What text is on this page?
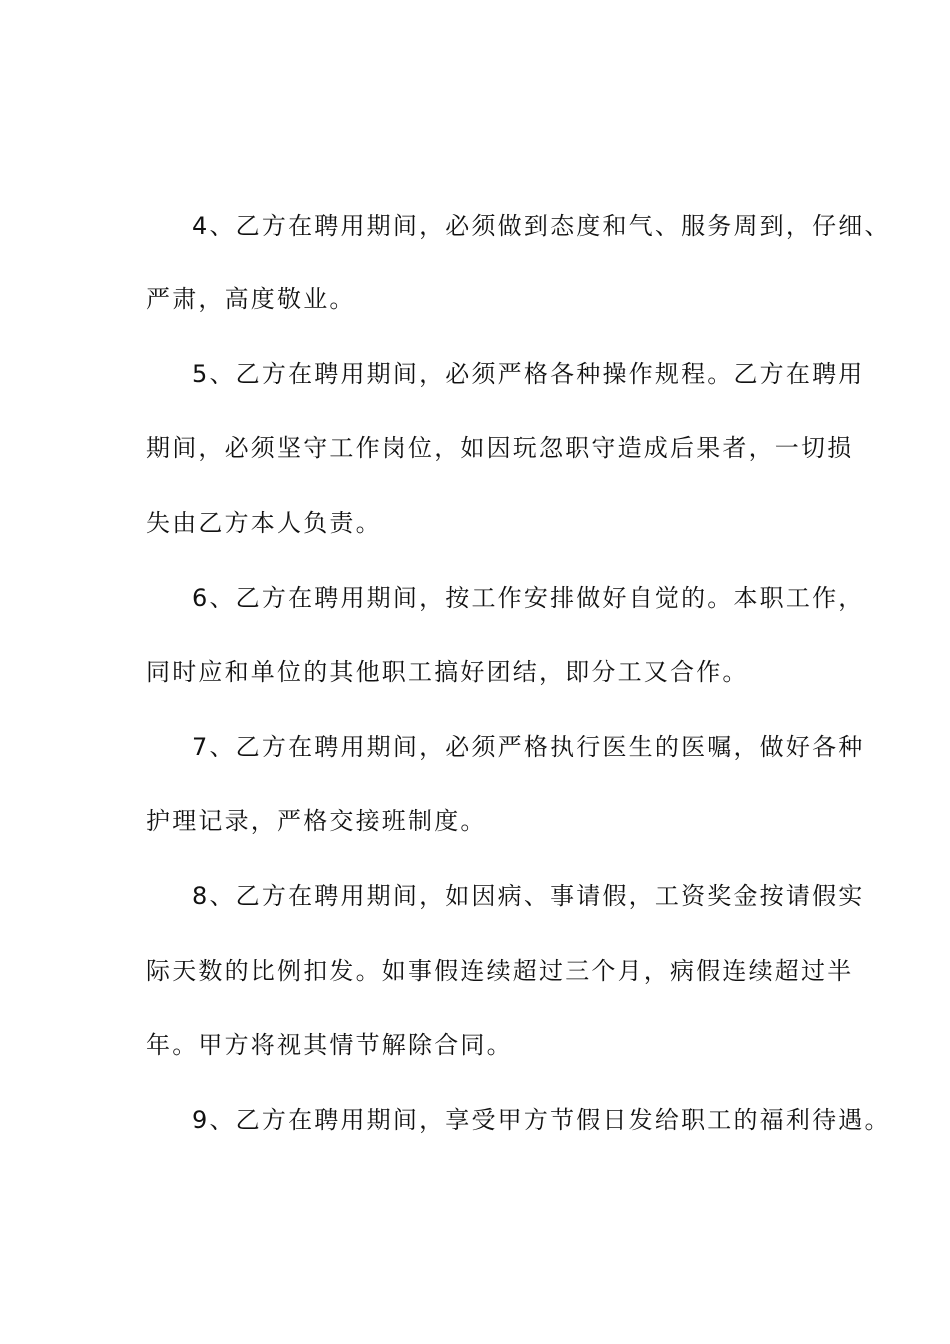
4、乙方在聘用期间，必须做到态度和气、服务周到，仔细、
严肃，高度敬业。
5、乙方在聘用期间，必须严格各种操作规程。乙方在聘用
期间，必须坚守工作岗位，如因玩忽职守造成后果者，一切损
失由乙方本人负责。
6、乙方在聘用期间，按工作安排做好自觉的。本职工作，
同时应和单位的其他职工搞好团结，即分工又合作。
7、乙方在聘用期间，必须严格执行医生的医嘱，做好各种
护理记录，严格交接班制度。
8、乙方在聘用期间，如因病、事请假，工资奖金按请假实
际天数的比例扣发。如事假连续超过三个月，病假连续超过半
年。甲方将视其情节解除合同。
9、乙方在聘用期间，享受甲方节假日发给职工的福利待遇。
